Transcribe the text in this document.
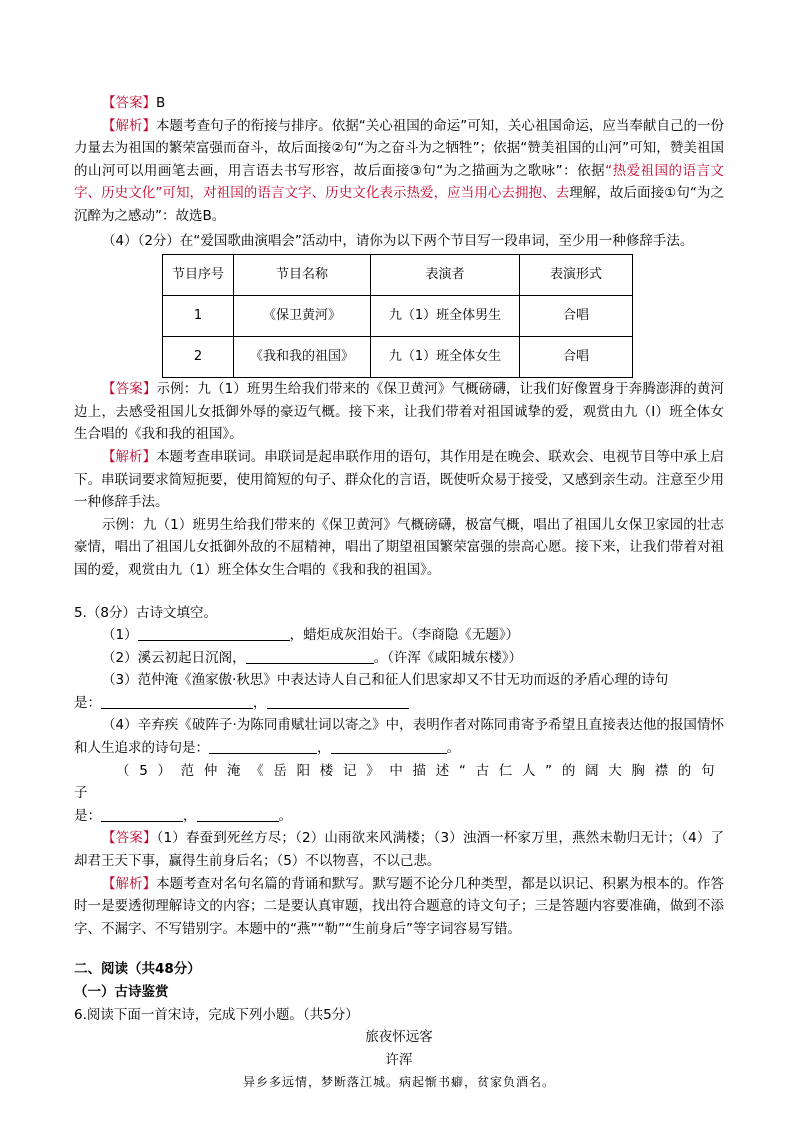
【答案】B

【解析】本题考查句子的衔接与排序。依据“关心祖国的命运”可知，关心祖国命运，应当奉献自己的一份力量去为祖国的繁荣富强而奋斗，故后面接②句“为之奋斗为之牺牲”；依据“赞美祖国的山河”可知，赞美祖国的山河可以用画笔去画，用言语去书写形容，故后面接③句“为之描画为之歌咏”：依据“热爱祖国的语言文字、历史文化”可知，对祖国的语言文字、历史文化表示热爱，应当用心去拥抱、去理解，故后面接①句“为之沉醉为之感动”：故选B。

（4）（2分）在“爱国歌曲演唱会”活动中，请你为以下两个节目写一段串词，至少用一种修辞手法。

节目序号	节目名称	表演者	表演形式
1	《保卫黄河》	九（1）班全体男生	合唱
2	《我和我的祖国》	九（1）班全体女生	合唱

【答案】示例：九（1）班男生给我们带来的《保卫黄河》气概磅礴，让我们好像置身于奔腾澎湃的黄河边上，去感受祖国儿女抵御外辱的豪迈气概。接下来，让我们带着对祖国诚挚的爱，观赏由九（I）班全体女生合唱的《我和我的祖国》。

【解析】本题考查串联词。串联词是起串联作用的语句，其作用是在晚会、联欢会、电视节目等中承上启下。串联词要求简短扼要，使用简短的句子、群众化的言语，既使听众易于接受，又感到亲生动。注意至少用一种修辞手法。

示例：九（1）班男生给我们带来的《保卫黄河》气概磅礴，极富气概，唱出了祖国儿女保卫家园的壮志豪情，唱出了祖国儿女抵御外敌的不屈精神，唱出了期望祖国繁荣富强的崇高心愿。接下来，让我们带着对祖国的爱，观赏由九（1）班全体女生合唱的《我和我的祖国》。

5.（8分）古诗文填空。

（1）	，蜡炬成灰泪始干。（李商隐《无题》）

（2）溪云初起日沉阁，	。（许浑《咸阳城东楼》）

（3）范仲淹《渔家傲·秋思》中表达诗人自己和征人们思家却又不甘无功而返的矛盾心理的诗句

是：	，

（4）辛弃疾《破阵子·为陈同甫赋壮词以寄之》中，表明作者对陈同甫寄予希望且直接表达他的报国情怀和人生追求的诗句是：	，	。

（5）范仲淹《岳阳楼记》中描述“古仁人”的阔大胸襟的句子

是：	，	。

【答案】（1）春蚕到死丝方尽；（2）山雨欲来风满楼；（3）浊酒一杯家万里，燕然未勒归无计；（4）了却君王天下事，赢得生前身后名；（5）不以物喜，不以己悲。

【解析】本题考查对名句名篇的背诵和默写。默写题不论分几种类型，都是以识记、积累为根本的。作答时一是要透彻理解诗文的内容；二是要认真审题，找出符合题意的诗文句子；三是答题内容要准确，做到不添字、不漏字、不写错别字。本题中的“燕”“勒”“生前身后”等字词容易写错。

二、阅读（共48分）

（一）古诗鉴赏

6.阅读下面一首宋诗，完成下列小题。（共5分）

旅夜怀远客

许浑

异乡多远情，梦断落江城。病起惭书癖，贫家负酒名。
